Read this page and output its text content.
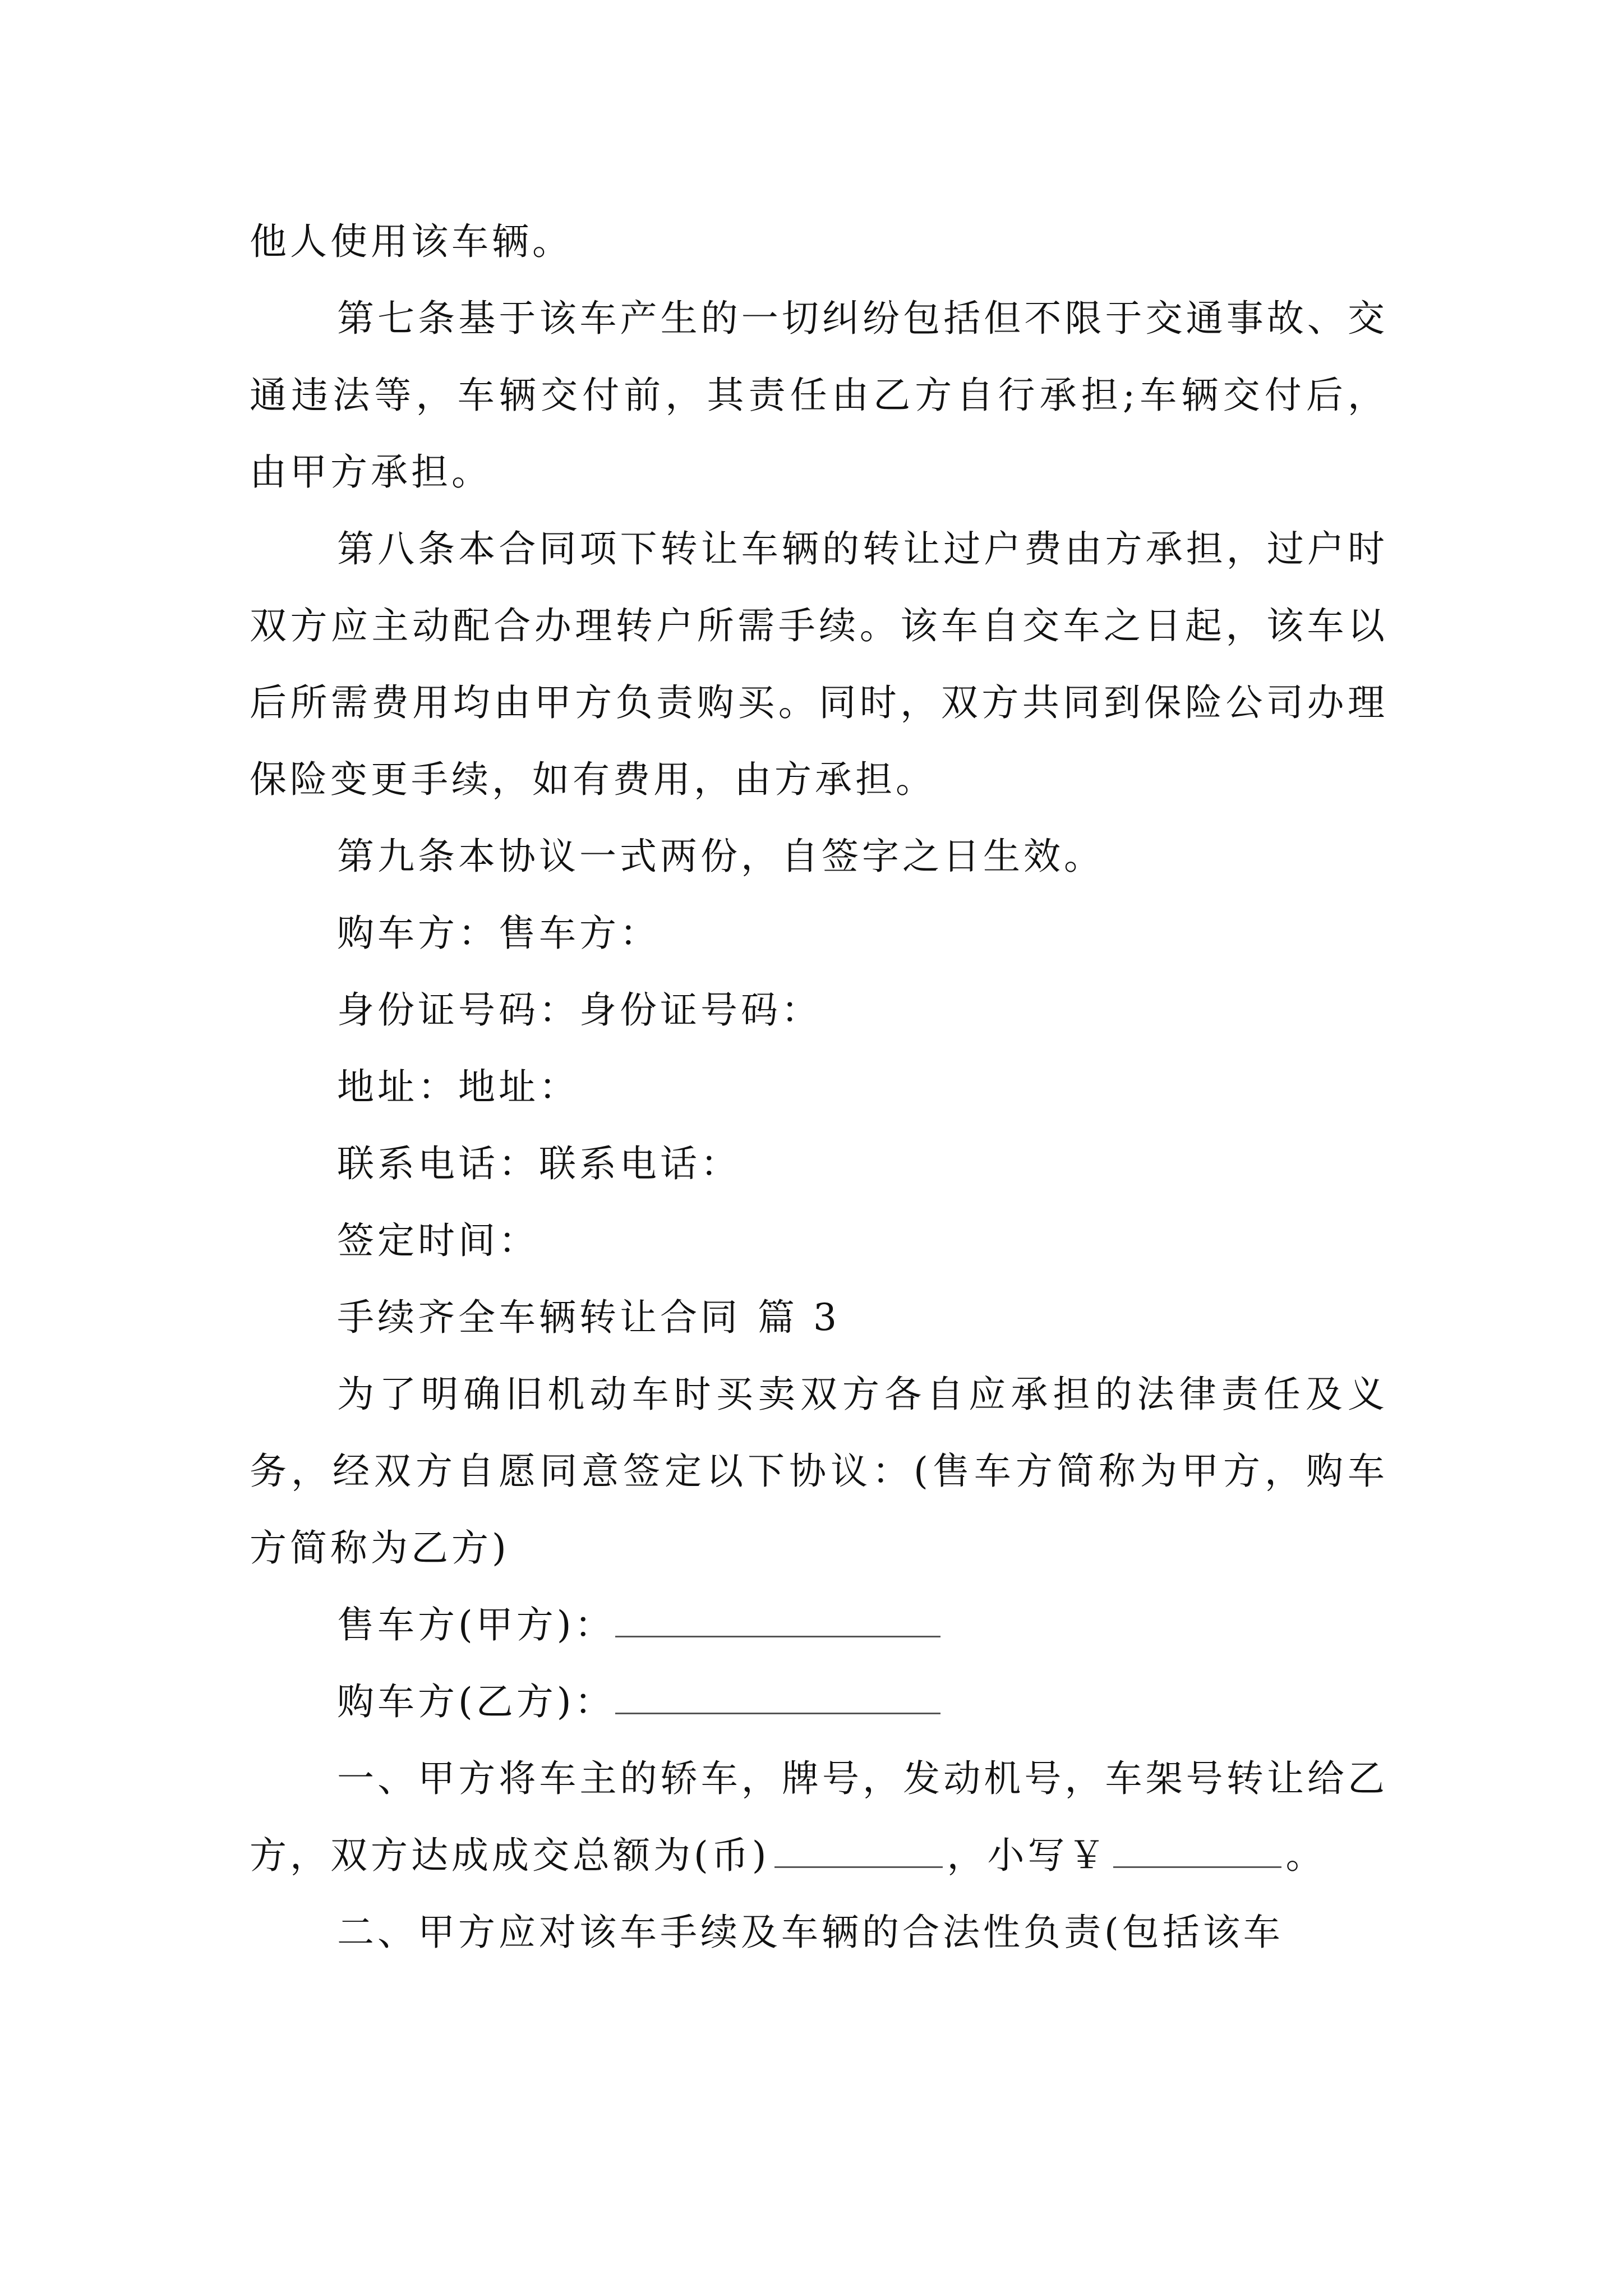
他人使用该车辆。

第七条基于该车产生的一切纠纷包括但不限于交通事故、交通违法等，车辆交付前，其责任由乙方自行承担;车辆交付后，由甲方承担。

第八条本合同项下转让车辆的转让过户费由方承担，过户时双方应主动配合办理转户所需手续。该车自交车之日起，该车以后所需费用均由甲方负责购买。同时，双方共同到保险公司办理保险变更手续，如有费用，由方承担。

第九条本协议一式两份，自签字之日生效。

购车方：售车方：

身份证号码：身份证号码：

地址：地址：

联系电话：联系电话：

签定时间：

手续齐全车辆转让合同 篇 3

为了明确旧机动车时买卖双方各自应承担的法律责任及义务，经双方自愿同意签定以下协议：(售车方简称为甲方，购车方简称为乙方)

售车方(甲方)：

购车方(乙方)：

一、甲方将车主的轿车，牌号，发动机号，车架号转让给乙方，双方达成成交总额为(币)	，小写￥	。

二、甲方应对该车手续及车辆的合法性负责(包括该车
